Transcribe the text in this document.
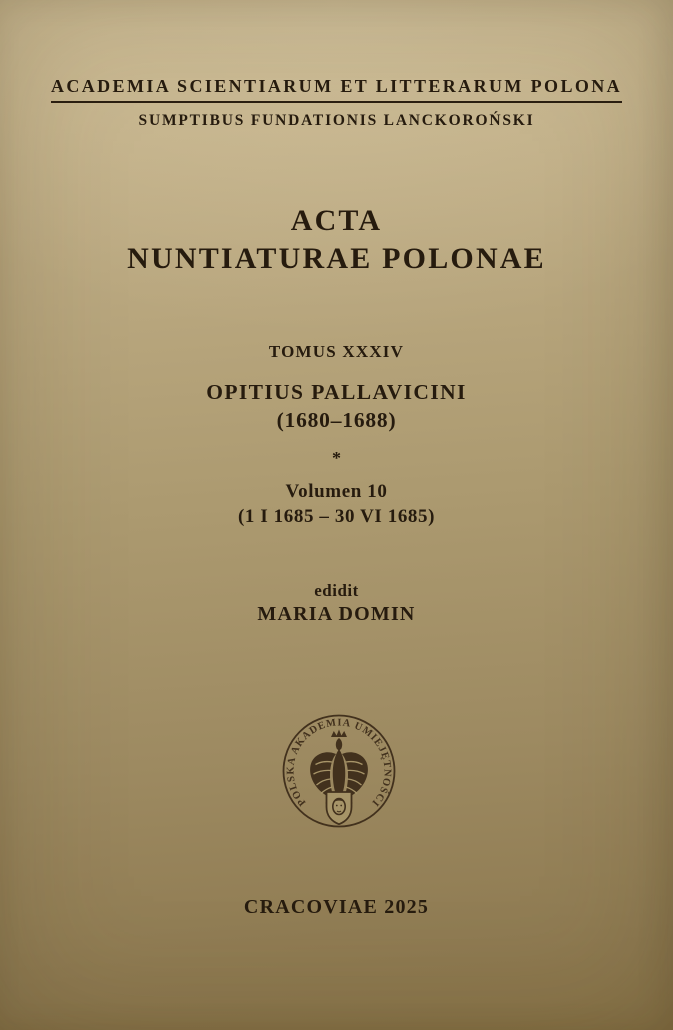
ACADEMIA SCIENTIARUM ET LITTERARUM POLONA
SUMPTIBUS FUNDATIONIS LANCKOROŃSKI
ACTA
NUNTIATURAE POLONAE
TOMUS XXXIV
OPITIUS PALLAVICINI
(1680–1688)
*
Volumen 10
(1 I 1685 – 30 VI 1685)
edidit
MARIA DOMIN
POLSKA AKADEMIA UMIEJĘTNOŚCI
CRACOVIAE 2025
